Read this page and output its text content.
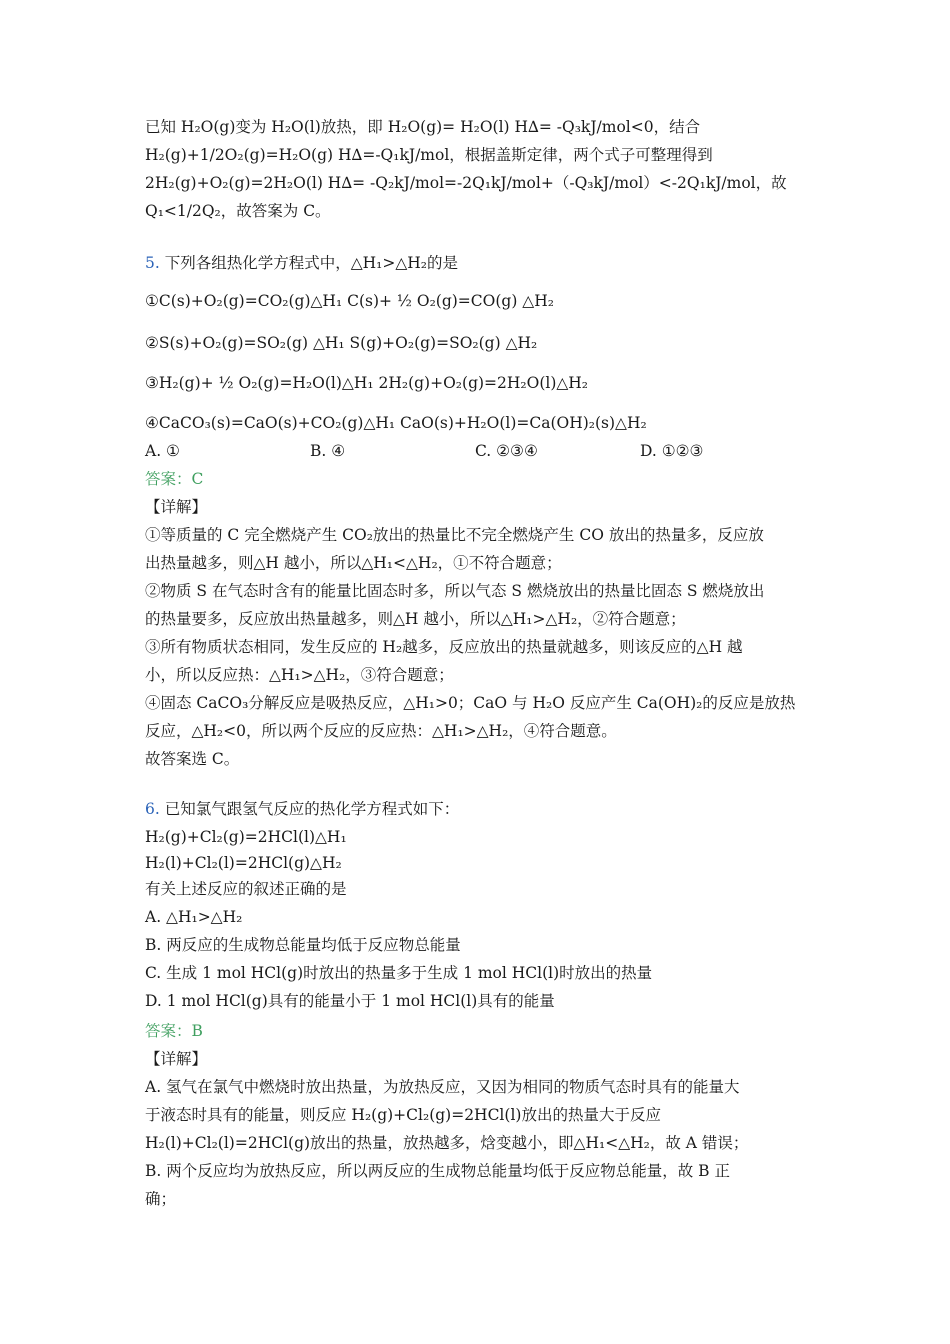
已知 H₂O(g)变为 H₂O(l)放热，即 H₂O(g)= H₂O(l) H∆= -Q₃kJ/mol<0，结合

H₂(g)+1/2O₂(g)=H₂O(g) H∆=-Q₁kJ/mol，根据盖斯定律，两个式子可整理得到

2H₂(g)+O₂(g)=2H₂O(l) H∆= -Q₂kJ/mol=-2Q₁kJ/mol+（-Q₃kJ/mol）<-2Q₁kJ/mol，故

Q₁<1/2Q₂，故答案为 C。

5. 下列各组热化学方程式中，△H₁>△H₂的是

①C(s)+O₂(g)=CO₂(g)△H₁ C(s)+ ½ O₂(g)=CO(g) △H₂

②S(s)+O₂(g)=SO₂(g) △H₁ S(g)+O₂(g)=SO₂(g) △H₂

③H₂(g)+ ½ O₂(g)=H₂O(l)△H₁ 2H₂(g)+O₂(g)=2H₂O(l)△H₂

④CaCO₃(s)=CaO(s)+CO₂(g)△H₁ CaO(s)+H₂O(l)=Ca(OH)₂(s)△H₂

A. ①	B. ④	C. ②③④	D. ①②③

答案：C

【详解】

①等质量的 C 完全燃烧产生 CO₂放出的热量比不完全燃烧产生 CO 放出的热量多，反应放

出热量越多，则△H 越小，所以△H₁<△H₂，①不符合题意；

②物质 S 在气态时含有的能量比固态时多，所以气态 S 燃烧放出的热量比固态 S 燃烧放出

的热量要多，反应放出热量越多，则△H 越小，所以△H₁>△H₂，②符合题意；

③所有物质状态相同，发生反应的 H₂越多，反应放出的热量就越多，则该反应的△H 越

小，所以反应热：△H₁>△H₂，③符合题意；

④固态 CaCO₃分解反应是吸热反应，△H₁>0；CaO 与 H₂O 反应产生 Ca(OH)₂的反应是放热

反应，△H₂<0，所以两个反应的反应热：△H₁>△H₂，④符合题意。

故答案选 C。

6. 已知氯气跟氢气反应的热化学方程式如下：

H₂(g)+Cl₂(g)=2HCl(l)△H₁

H₂(l)+Cl₂(l)=2HCl(g)△H₂

有关上述反应的叙述正确的是

A. △H₁>△H₂

B. 两反应的生成物总能量均低于反应物总能量

C. 生成 1 mol HCl(g)时放出的热量多于生成 1 mol HCl(l)时放出的热量

D. 1 mol HCl(g)具有的能量小于 1 mol HCl(l)具有的能量

答案：B

【详解】

A. 氢气在氯气中燃烧时放出热量，为放热反应，又因为相同的物质气态时具有的能量大

于液态时具有的能量，则反应 H₂(g)+Cl₂(g)=2HCl(l)放出的热量大于反应

H₂(l)+Cl₂(l)=2HCl(g)放出的热量，放热越多，焓变越小，即△H₁<△H₂，故 A 错误；

B. 两个反应均为放热反应，所以两反应的生成物总能量均低于反应物总能量，故 B 正

确；
